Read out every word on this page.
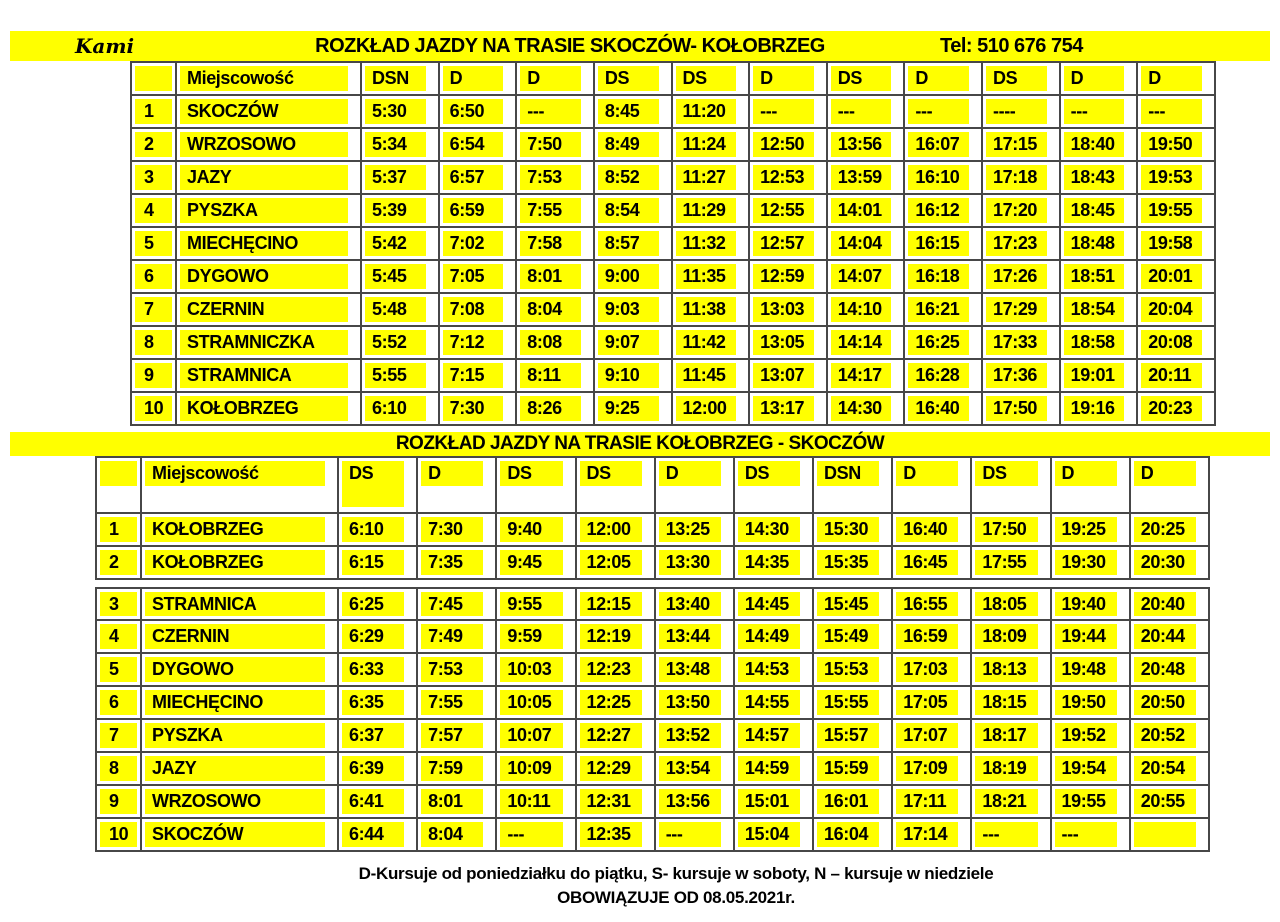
Kami	ROZKŁAD JAZDY NA TRASIE SKOCZÓW- KOŁOBRZEG	Tel: 510 676 754

	Miejscowość	DSN	D	D	DS	DS	D	DS	D	DS	D	D

1	SKOCZÓW	5:30	6:50	---	8:45	11:20	---	---	---	----	---	---

2	WRZOSOWO	5:34	6:54	7:50	8:49	11:24	12:50	13:56	16:07	17:15	18:40	19:50

3	JAZY	5:37	6:57	7:53	8:52	11:27	12:53	13:59	16:10	17:18	18:43	19:53

4	PYSZKA	5:39	6:59	7:55	8:54	11:29	12:55	14:01	16:12	17:20	18:45	19:55

5	MIECHĘCINO	5:42	7:02	7:58	8:57	11:32	12:57	14:04	16:15	17:23	18:48	19:58

6	DYGOWO	5:45	7:05	8:01	9:00	11:35	12:59	14:07	16:18	17:26	18:51	20:01

7	CZERNIN	5:48	7:08	8:04	9:03	11:38	13:03	14:10	16:21	17:29	18:54	20:04

8	STRAMNICZKA	5:52	7:12	8:08	9:07	11:42	13:05	14:14	16:25	17:33	18:58	20:08

9	STRAMNICA	5:55	7:15	8:11	9:10	11:45	13:07	14:17	16:28	17:36	19:01	20:11

10	KOŁOBRZEG	6:10	7:30	8:26	9:25	12:00	13:17	14:30	16:40	17:50	19:16	20:23
ROZKŁAD JAZDY NA TRASIE KOŁOBRZEG - SKOCZÓW

	Miejscowość	DS	D	DS	DS	D	DS	DSN	D	DS	D	D

1	KOŁOBRZEG	6:10	7:30	9:40	12:00	13:25	14:30	15:30	16:40	17:50	19:25	20:25

2	KOŁOBRZEG	6:15	7:35	9:45	12:05	13:30	14:35	15:35	16:45	17:55	19:30	20:30

3	STRAMNICA	6:25	7:45	9:55	12:15	13:40	14:45	15:45	16:55	18:05	19:40	20:40

4	CZERNIN	6:29	7:49	9:59	12:19	13:44	14:49	15:49	16:59	18:09	19:44	20:44

5	DYGOWO	6:33	7:53	10:03	12:23	13:48	14:53	15:53	17:03	18:13	19:48	20:48

6	MIECHĘCINO	6:35	7:55	10:05	12:25	13:50	14:55	15:55	17:05	18:15	19:50	20:50

7	PYSZKA	6:37	7:57	10:07	12:27	13:52	14:57	15:57	17:07	18:17	19:52	20:52

8	JAZY	6:39	7:59	10:09	12:29	13:54	14:59	15:59	17:09	18:19	19:54	20:54

9	WRZOSOWO	6:41	8:01	10:11	12:31	13:56	15:01	16:01	17:11	18:21	19:55	20:55

10	SKOCZÓW	6:44	8:04	---	12:35	---	15:04	16:04	17:14	---	---	

D-Kursuje od poniedziałku do piątku, S- kursuje w soboty, N – kursuje w niedziele
OBOWIĄZUJE OD 08.05.2021r.
